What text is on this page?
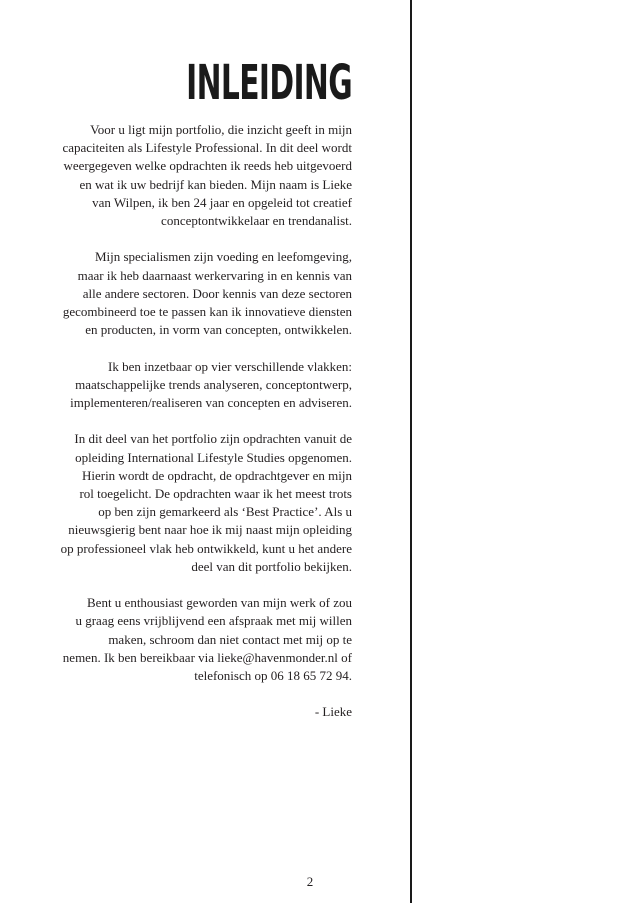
INLEIDING

Voor u ligt mijn portfolio, die inzicht geeft in mijn
capaciteiten als Lifestyle Professional. In dit deel wordt
weergegeven welke opdrachten ik reeds heb uitgevoerd
en wat ik uw bedrijf kan bieden. Mijn naam is Lieke
van Wilpen, ik ben 24 jaar en opgeleid tot creatief
conceptontwikkelaar en trendanalist.

Mijn specialismen zijn voeding en leefomgeving,
maar ik heb daarnaast werkervaring in en kennis van
alle andere sectoren. Door kennis van deze sectoren
gecombineerd toe te passen kan ik innovatieve diensten
en producten, in vorm van concepten, ontwikkelen.

Ik ben inzetbaar op vier verschillende vlakken:
maatschappelijke trends analyseren, conceptontwerp,
implementeren/realiseren van concepten en adviseren.

In dit deel van het portfolio zijn opdrachten vanuit de
opleiding International Lifestyle Studies opgenomen.
Hierin wordt de opdracht, de opdrachtgever en mijn
rol toegelicht. De opdrachten waar ik het meest trots
op ben zijn gemarkeerd als ‘Best Practice’. Als u
nieuwsgierig bent naar hoe ik mij naast mijn opleiding
op professioneel vlak heb ontwikkeld, kunt u het andere
deel van dit portfolio bekijken.

Bent u enthousiast geworden van mijn werk of zou
u graag eens vrijblijvend een afspraak met mij willen
maken, schroom dan niet contact met mij op te
nemen. Ik ben bereikbaar via lieke@havenmonder.nl of
telefonisch op 06 18 65 72 94.

- Lieke

2
